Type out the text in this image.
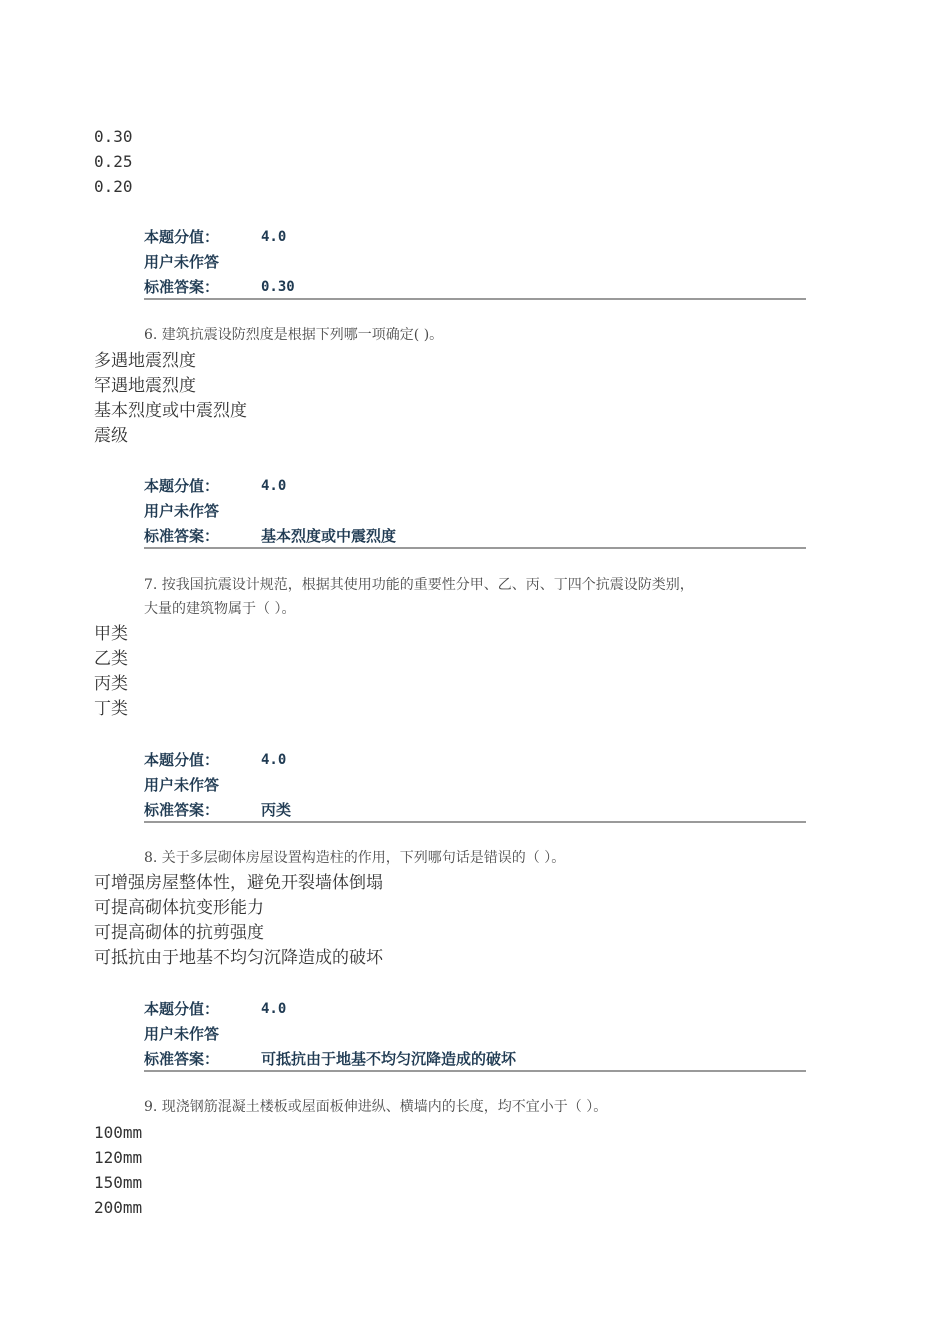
0.30
0.25
0.20
本题分值：	4.0
用户未作答
标准答案：	0.30
6. 建筑抗震设防烈度是根据下列哪一项确定( )。
多遇地震烈度
罕遇地震烈度
基本烈度或中震烈度
震级
本题分值：	4.0
用户未作答
标准答案：	基本烈度或中震烈度
7. 按我国抗震设计规范，根据其使用功能的重要性分甲、乙、丙、丁四个抗震设防类别，
大量的建筑物属于（ ）。
甲类
乙类
丙类
丁类
本题分值：	4.0
用户未作答
标准答案：	丙类
8. 关于多层砌体房屋设置构造柱的作用，下列哪句话是错误的（ ）。
可增强房屋整体性，避免开裂墙体倒塌
可提高砌体抗变形能力
可提高砌体的抗剪强度
可抵抗由于地基不均匀沉降造成的破坏
本题分值：	4.0
用户未作答
标准答案：	可抵抗由于地基不均匀沉降造成的破坏
9. 现浇钢筋混凝土楼板或屋面板伸进纵、横墙内的长度，均不宜小于（ ）。
100mm
120mm
150mm
200mm
